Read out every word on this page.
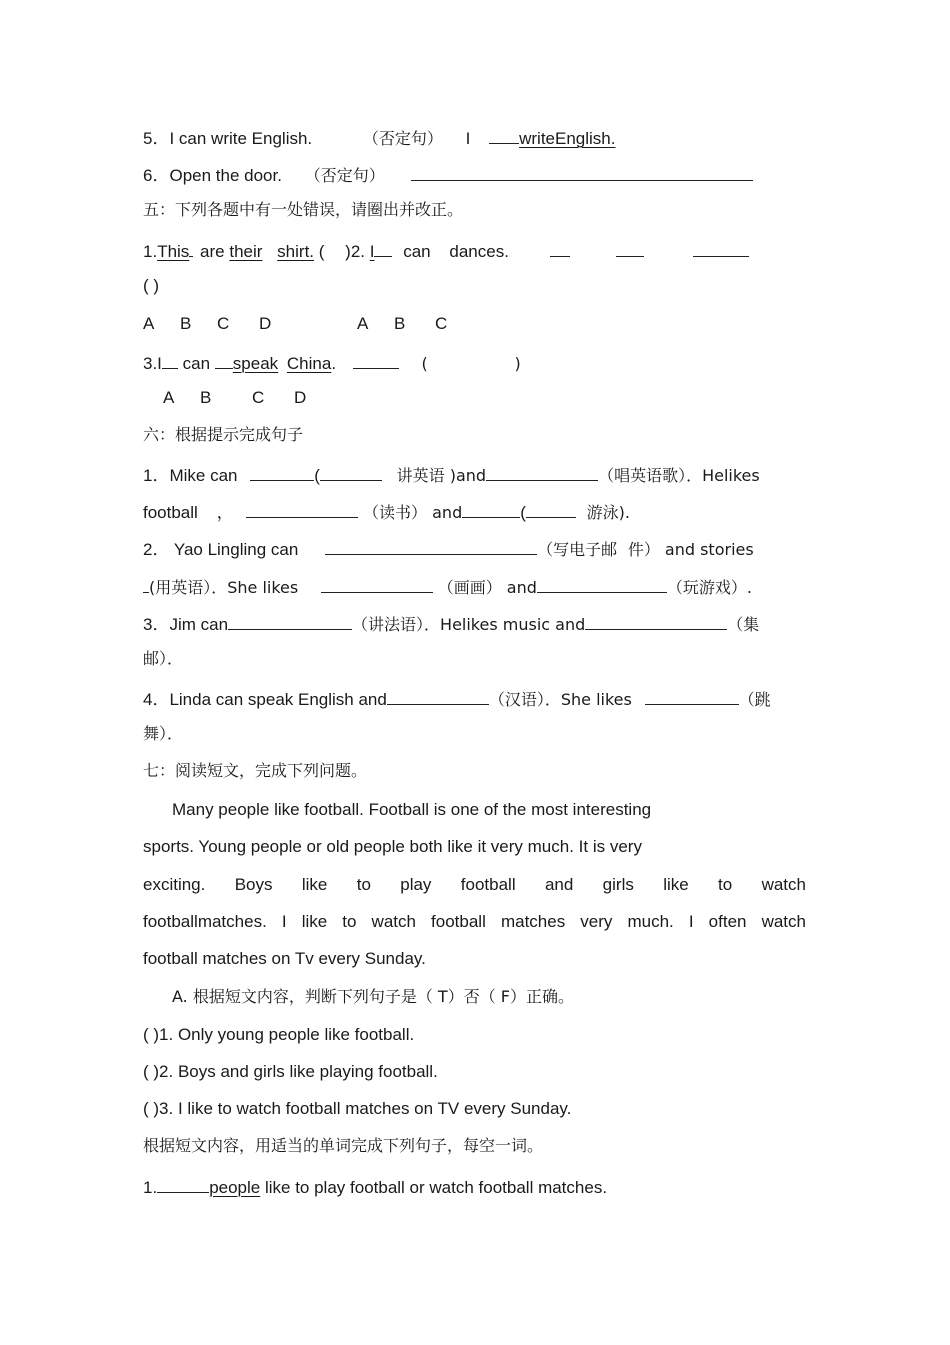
5．I can write English.	（否定句） I	writeEnglish.
6．Open the door. （否定句）
五：下列各题中有一处错误，请圈出并改正。
1.This are their shirt. ( )2. I can dances.
( )
A B C D	A B C
3.I can speak China.	(	)
A B C D
六：根据提示完成句子
1．Mike can	(	讲英语 )and	（唱英语歌）．Helikes
football ，	（读书） and	(	游泳).
2． Yao Lingling can	（写电子邮 件） and stories
(用英语）．She likes	（画画） and	（玩游戏）.
3．Jim can	（讲法语）．Helikes music and	（集
邮）．
4．Linda can speak English and	（汉语）．She likes	（跳
舞）．
七：阅读短文，完成下列问题。
Many people like football. Football is one of the most interesting
sports. Young people or old people both like it very much. It is very
exciting. Boys like to play football and girls like to watch
footballmatches. I like to watch football matches very much. I often watch
football matches on Tv every Sunday.
A. 根据短文内容，判断下列句子是（ T）否（ F）正确。
( )1. Only young people like football.
( )2. Boys and girls like playing football.
( )3. I like to watch football matches on TV every Sunday.
根据短文内容，用适当的单词完成下列句子，每空一词。
1.	people like to play football or watch football matches.
